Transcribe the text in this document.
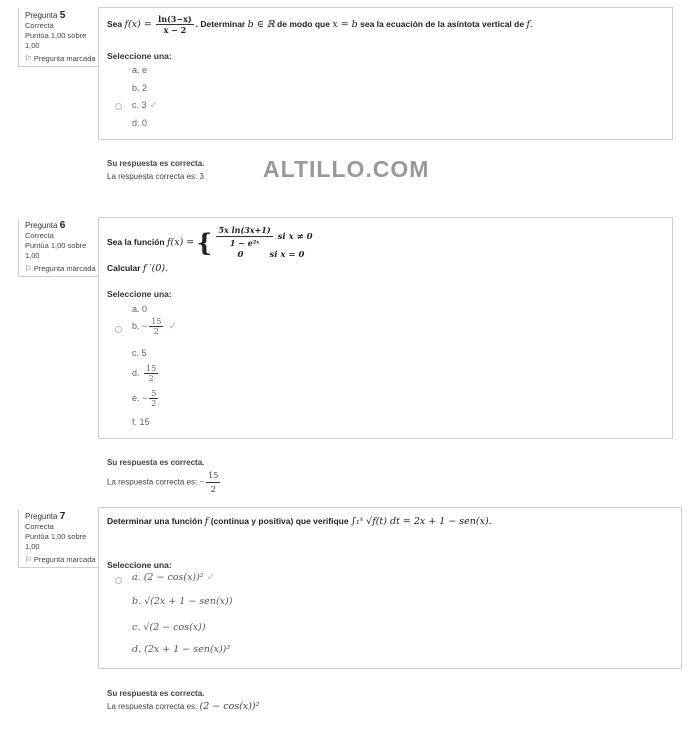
Pregunta 5
Correcta
Puntúa 1,00 sobre 1,00
⚐ Pregunta marcada
Sea $f(x) = \frac{\ln(3-x)}{x - 2}$ . Determinar b ∈ ℝ de modo que x = b sea la ecuación de la asíntota vertical de f.
Seleccione una:
a. e
b. 2
c. 3 ✓
d. 0
Su respuesta es correcta.
La respuesta correcta es: 3	ALTILLO.COM
Pregunta 6
Correcta
Puntúa 1,00 sobre 1,00
⚐ Pregunta marcada
Sea la función f(x) = { $\frac{\text{5x ln(3x+1)}}{\text{1 − e²ˣ}}$ si x ≠ 0
0	si x = 0
Calcular f ′(0).
Seleccione una:
a. 0
b. − $\frac{15}{2}$ ✓
c. 5
d. $\frac{15}{2}$
e. − $\frac{5}{2}$
f. 15
Su respuesta es correcta.
La respuesta correcta es: − $\frac{15}{2}$
Pregunta 7
Correcta
Puntúa 1,00 sobre 1,00
⚐ Pregunta marcada
Determinar una función f (continua y positiva) que verifique ∫₁ˣ √f(t) dt = 2x + 1 − sen(x).
Seleccione una:
a. (2 − cos(x))² ✓
b. √(2x + 1 − sen(x))
c. √(2 − cos(x))
d. (2x + 1 − sen(x))²
Su respuesta es correcta.
La respuesta correcta es: (2 − cos(x))²
